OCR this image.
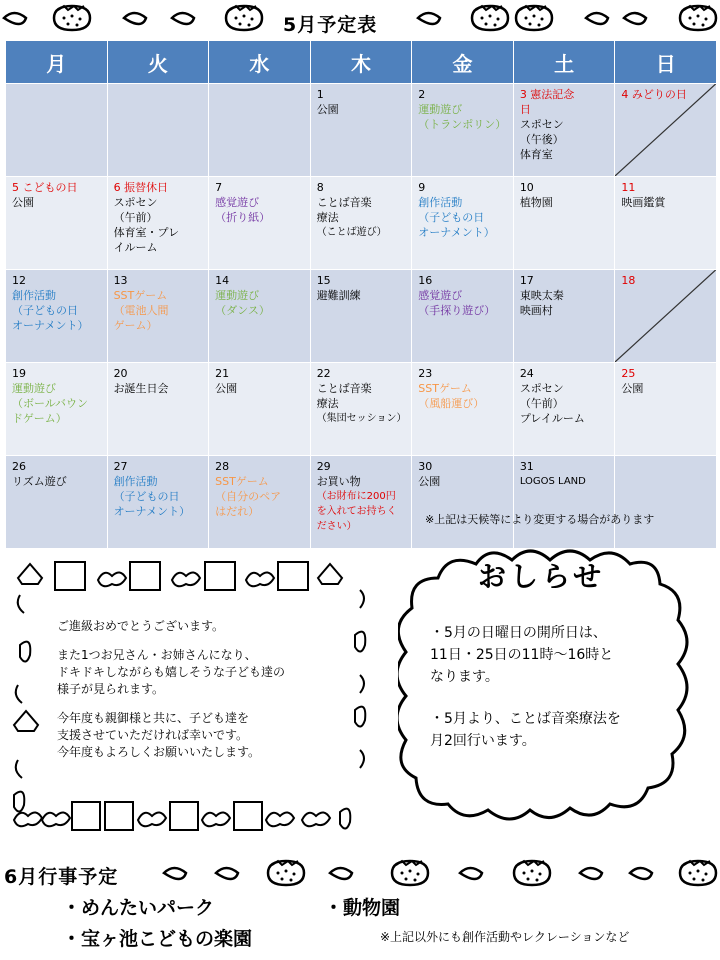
5月予定表
月	火	水	木	金	土	日

			1
公園	2
運動遊び
（トランポリン）	3 憲法記念
日
スポセン
（午後）
体育室	4 みどりの日

5 こどもの日
公園	6 振替休日
スポセン
（午前）
体育室・プレ
イルーム	7
感覚遊び
（折り紙）	8
ことば音楽
療法
（ことば遊び）	9
創作活動
（子どもの日
オーナメント）	10
植物園	11
映画鑑賞

12
創作活動
（子どもの日
オーナメント）	13
SSTゲーム
（電池人間
ゲーム）	14
運動遊び
（ダンス）	15
避難訓練	16
感覚遊び
（手探り遊び）	17
東映太秦
映画村	18

19
運動遊び
（ボールバウン
ドゲーム）	20
お誕生日会	21
公園	22
ことば音楽
療法
（集団セッション）	23
SSTゲーム
（風船運び）	24
スポセン
（午前）
プレイルーム	25
公園

26
リズム遊び	27
創作活動
（子どもの日
オーナメント）	28
SSTゲーム
（自分のペア
はだれ）	29
お買い物
（お財布に200円
を入れてお持ちく
ださい）	30
公園	31
LOGOS LAND	

※上記は天候等により変更する場合があります

ご進級おめでとうございます。

また1つお兄さん・お姉さんになり、
ドキドキしながらも嬉しそうな子ども達の
様子が見られます。

今年度も親御様と共に、子ども達を
支援させていただければ幸いです。
今年度もよろしくお願いいたします。

おしらせ

・5月の日曜日の開所日は、
11日・25日の11時〜16時と
なります。

・5月より、ことば音楽療法を
月2回行います。

6月行事予定
・めんたいパーク
・宝ヶ池こどもの楽園
・動物園
※上記以外にも創作活動やレクレーションなど
